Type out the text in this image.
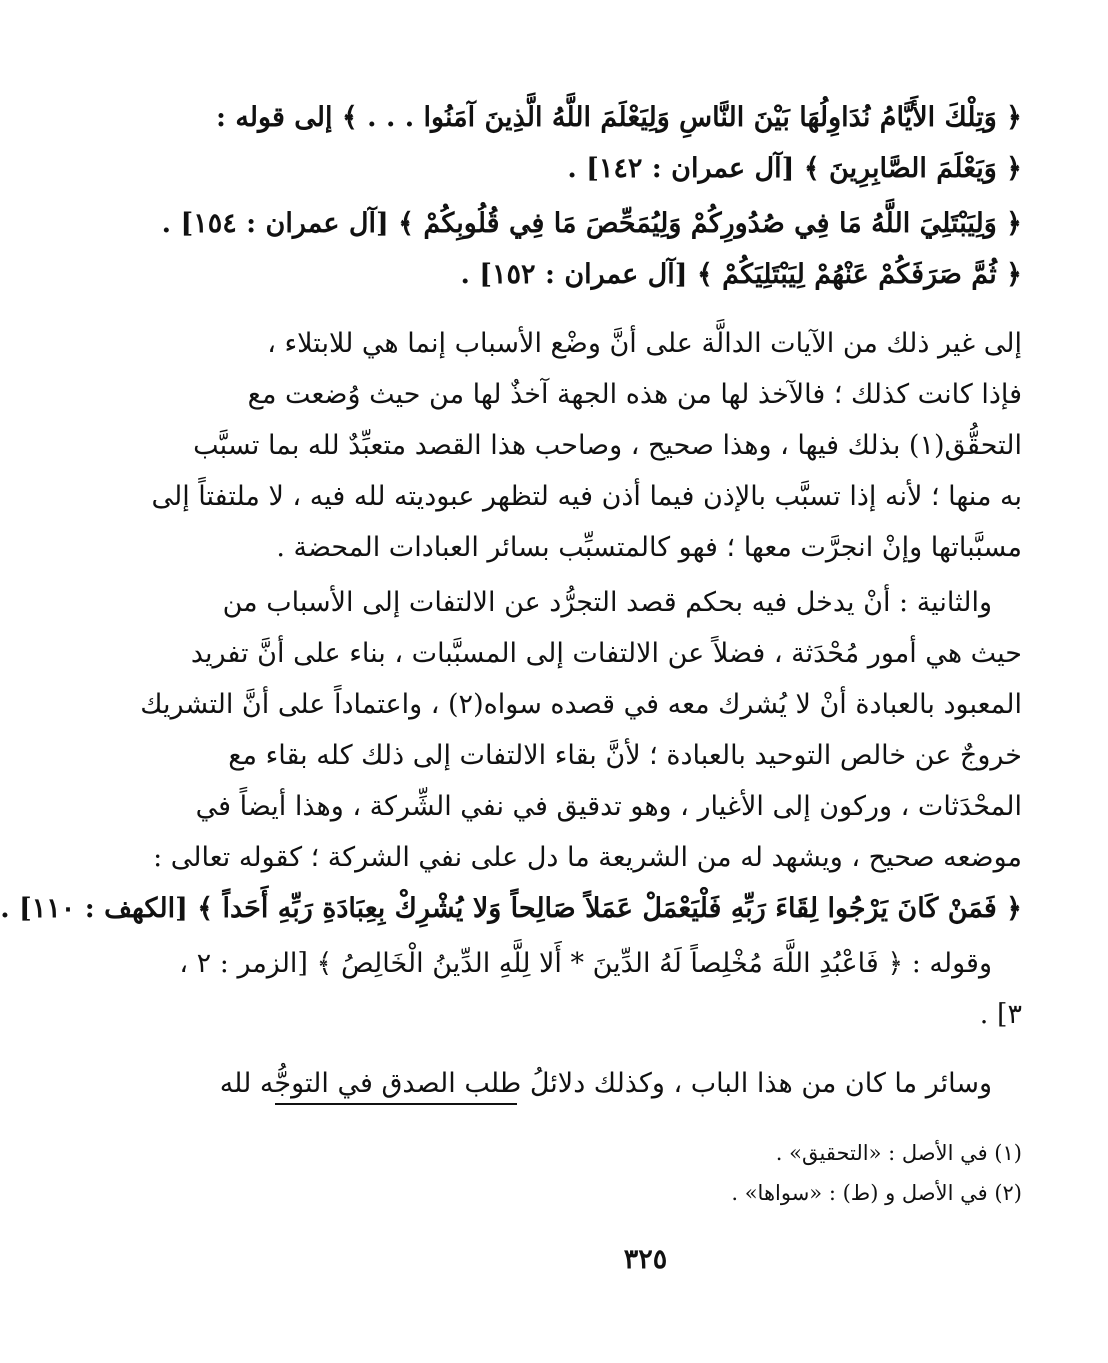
﴿ وَتِلْكَ الأَيَّامُ نُدَاوِلُهَا بَيْنَ النَّاسِ وَلِيَعْلَمَ اللَّهُ الَّذِينَ آمَنُوا . . . ﴾ إلى قوله :
﴿ وَيَعْلَمَ الصَّابِرِينَ ﴾ [آل عمران : ١٤٢] .
﴿ وَلِيَبْتَلِيَ اللَّهُ مَا فِي صُدُورِكُمْ وَلِيُمَحِّصَ مَا فِي قُلُوبِكُمْ ﴾ [آل عمران : ١٥٤] .
﴿ ثُمَّ صَرَفَكُمْ عَنْهُمْ لِيَبْتَلِيَكُمْ ﴾ [آل عمران : ١٥٢] .
إلى غير ذلك من الآيات الدالَّة على أنَّ وضْع الأسباب إنما هي للابتلاء ،
فإذا كانت كذلك ؛ فالآخذ لها من هذه الجهة آخذٌ لها من حيث وُضعت مع
التحقُّق(١) بذلك فيها ، وهذا صحيح ، وصاحب هذا القصد متعبِّدٌ لله بما تسبَّب
به منها ؛ لأنه إذا تسبَّب بالإذن فيما أذن فيه لتظهر عبوديته لله فيه ، لا ملتفتاً إلى
مسبَّباتها وإنْ انجرَّت معها ؛ فهو كالمتسبِّب بسائر العبادات المحضة .
والثانية : أنْ يدخل فيه بحكم قصد التجرُّد عن الالتفات إلى الأسباب من
حيث هي أمور مُحْدَثة ، فضلاً عن الالتفات إلى المسبَّبات ، بناء على أنَّ تفريد
المعبود بالعبادة أنْ لا يُشرك معه في قصده سواه(٢) ، واعتماداً على أنَّ التشريك
خروجٌ عن خالص التوحيد بالعبادة ؛ لأنَّ بقاء الالتفات إلى ذلك كله بقاء مع
المحْدَثات ، وركون إلى الأغيار ، وهو تدقيق في نفي الشِّركة ، وهذا أيضاً في
موضعه صحيح ، ويشهد له من الشريعة ما دل على نفي الشركة ؛ كقوله تعالى :
﴿ فَمَنْ كَانَ يَرْجُوا لِقَاءَ رَبِّهِ فَلْيَعْمَلْ عَمَلاً صَالِحاً وَلا يُشْرِكْ بِعِبَادَةِ رَبِّهِ أَحَداً ﴾ [الكهف : ١١٠] .
وقوله : ﴿ فَاعْبُدِ اللَّهَ مُخْلِصاً لَهُ الدِّينَ * أَلا لِلَّهِ الدِّينُ الْخَالِصُ ﴾ [الزمر : ٢ ،
٣] .
وسائر ما كان من هذا الباب ، وكذلك دلائلُ طلب الصدق في التوجُّه لله
(١) في الأصل : «التحقيق» .
(٢) في الأصل و (ط) : «سواها» .
٣٢٥
